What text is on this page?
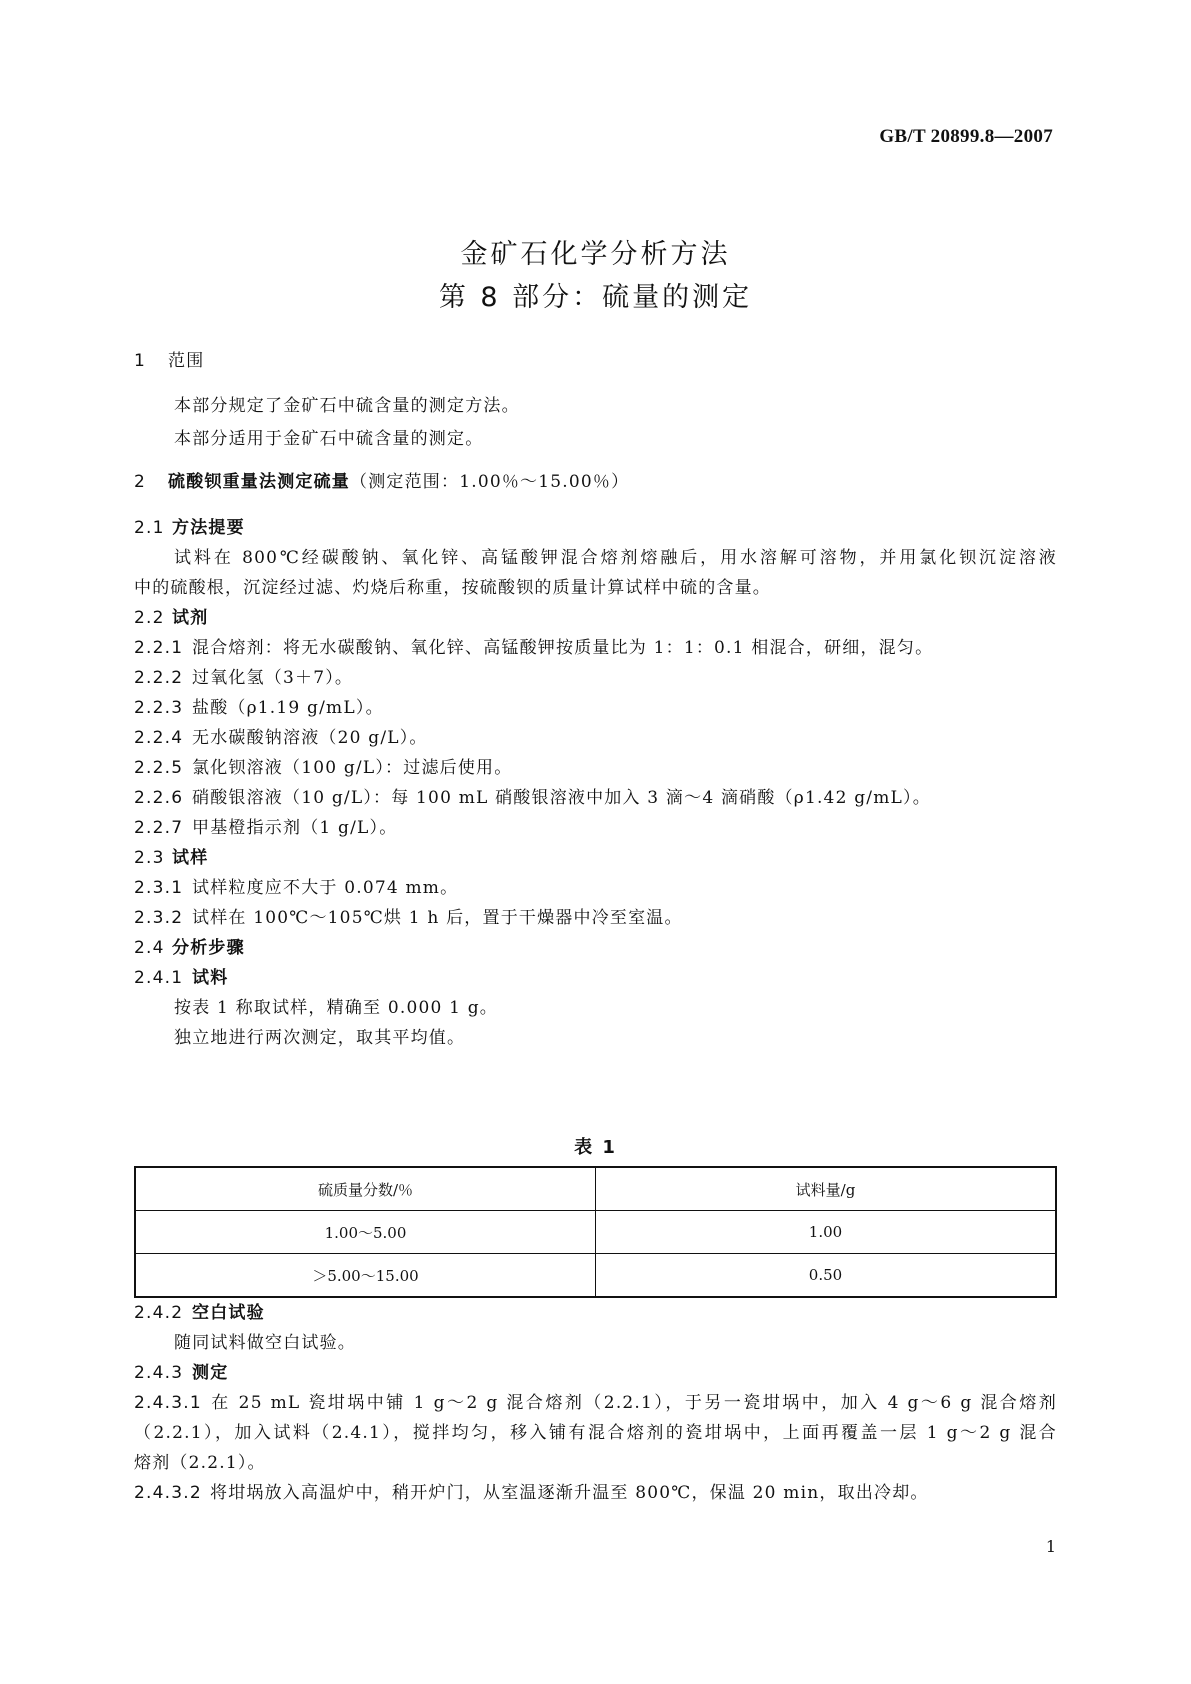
GB/T 20899.8—2007
金矿石化学分析方法
第 8 部分：硫量的测定
1 范围
本部分规定了金矿石中硫含量的测定方法。
本部分适用于金矿石中硫含量的测定。
2 硫酸钡重量法测定硫量（测定范围：1.00％～15.00％）
2.1 方法提要
试料在 800℃经碳酸钠、氧化锌、高锰酸钾混合熔剂熔融后，用水溶解可溶物，并用氯化钡沉淀溶液
中的硫酸根，沉淀经过滤、灼烧后称重，按硫酸钡的质量计算试样中硫的含量。
2.2 试剂
2.2.1 混合熔剂：将无水碳酸钠、氧化锌、高锰酸钾按质量比为 1：1：0.1 相混合，研细，混匀。
2.2.2 过氧化氢（3＋7）。
2.2.3 盐酸（ρ1.19 g/mL）。
2.2.4 无水碳酸钠溶液（20 g/L）。
2.2.5 氯化钡溶液（100 g/L）：过滤后使用。
2.2.6 硝酸银溶液（10 g/L）：每 100 mL 硝酸银溶液中加入 3 滴～4 滴硝酸（ρ1.42 g/mL）。
2.2.7 甲基橙指示剂（1 g/L）。
2.3 试样
2.3.1 试样粒度应不大于 0.074 mm。
2.3.2 试样在 100℃～105℃烘 1 h 后，置于干燥器中冷至室温。
2.4 分析步骤
2.4.1 试料
按表 1 称取试样，精确至 0.000 1 g。
独立地进行两次测定，取其平均值。
表 1
硫质量分数/％	试料量/g
1.00～5.00	1.00
＞5.00～15.00	0.50
2.4.2 空白试验
随同试料做空白试验。
2.4.3 测定
2.4.3.1 在 25 mL 瓷坩埚中铺 1 g～2 g 混合熔剂（2.2.1），于另一瓷坩埚中，加入 4 g～6 g 混合熔剂
（2.2.1），加入试料（2.4.1），搅拌均匀，移入铺有混合熔剂的瓷坩埚中，上面再覆盖一层 1 g～2 g 混合
熔剂（2.2.1）。
2.4.3.2 将坩埚放入高温炉中，稍开炉门，从室温逐渐升温至 800℃，保温 20 min，取出冷却。
1
